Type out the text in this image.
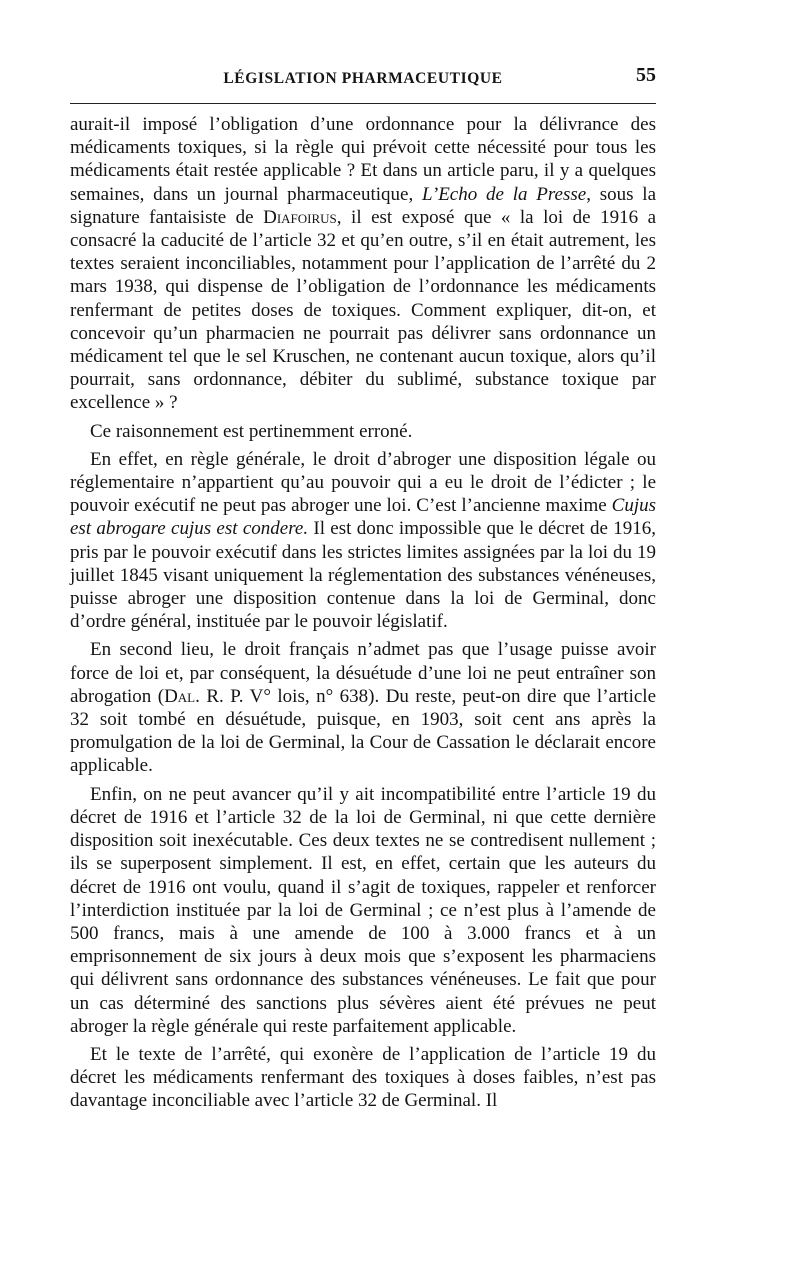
LÉGISLATION PHARMACEUTIQUE	55

aurait-il imposé l’obligation d’une ordonnance pour la délivrance des médicaments toxiques, si la règle qui prévoit cette nécessité pour tous les médicaments était restée applicable ? Et dans un article paru, il y a quelques semaines, dans un journal pharmaceutique, L’Echo de la Presse, sous la signature fantaisiste de Diafoirus, il est exposé que « la loi de 1916 a consacré la caducité de l’article 32 et qu’en outre, s’il en était autrement, les textes seraient inconciliables, notamment pour l’application de l’arrêté du 2 mars 1938, qui dispense de l’obligation de l’ordonnance les médicaments renfermant de petites doses de toxiques. Comment expliquer, dit-on, et concevoir qu’un pharmacien ne pourrait pas délivrer sans ordonnance un médicament tel que le sel Kruschen, ne contenant aucun toxique, alors qu’il pourrait, sans ordonnance, débiter du sublimé, substance toxique par excellence » ?

Ce raisonnement est pertinemment erroné.

En effet, en règle générale, le droit d’abroger une disposition légale ou réglementaire n’appartient qu’au pouvoir qui a eu le droit de l’édicter ; le pouvoir exécutif ne peut pas abroger une loi. C’est l’ancienne maxime Cujus est abrogare cujus est condere. Il est donc impossible que le décret de 1916, pris par le pouvoir exécutif dans les strictes limites assignées par la loi du 19 juillet 1845 visant uniquement la réglementation des substances vénéneuses, puisse abroger une disposition contenue dans la loi de Germinal, donc d’ordre général, instituée par le pouvoir législatif.

En second lieu, le droit français n’admet pas que l’usage puisse avoir force de loi et, par conséquent, la désuétude d’une loi ne peut entraîner son abrogation (Dal. R. P. V° lois, n° 638). Du reste, peut-on dire que l’article 32 soit tombé en désuétude, puisque, en 1903, soit cent ans après la promulgation de la loi de Germinal, la Cour de Cassation le déclarait encore applicable.

Enfin, on ne peut avancer qu’il y ait incompatibilité entre l’article 19 du décret de 1916 et l’article 32 de la loi de Germinal, ni que cette dernière disposition soit inexécutable. Ces deux textes ne se contredisent nullement ; ils se superposent simplement. Il est, en effet, certain que les auteurs du décret de 1916 ont voulu, quand il s’agit de toxiques, rappeler et renforcer l’interdiction instituée par la loi de Germinal ; ce n’est plus à l’amende de 500 francs, mais à une amende de 100 à 3.000 francs et à un emprisonnement de six jours à deux mois que s’exposent les pharmaciens qui délivrent sans ordonnance des substances vénéneuses. Le fait que pour un cas déterminé des sanctions plus sévères aient été prévues ne peut abroger la règle générale qui reste parfaitement applicable.

Et le texte de l’arrêté, qui exonère de l’application de l’article 19 du décret les médicaments renfermant des toxiques à doses faibles, n’est pas davantage inconciliable avec l’article 32 de Germinal. Il
